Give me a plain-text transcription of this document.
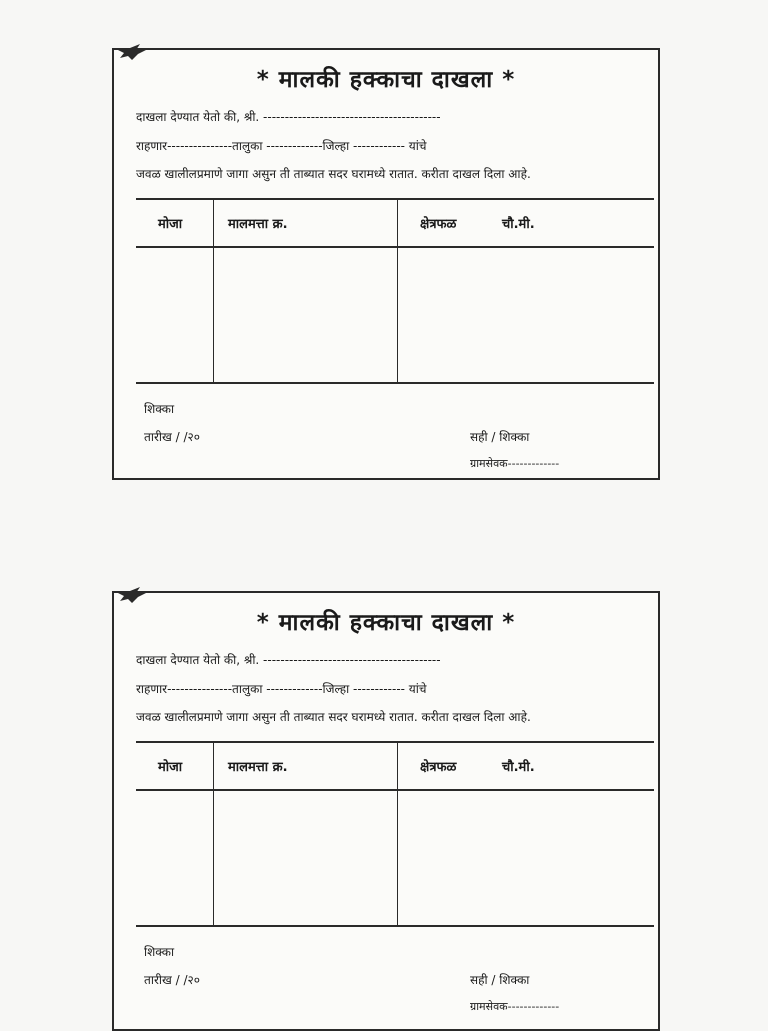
* मालकी हक्काचा दाखला *
दाखला देण्यात येतो की, श्री. -----------------------------------------
राहणार---------------तालुका -------------जिल्हा ------------ यांचे
जवळ खालीलप्रमाणे जागा असुन ती ताब्यात सदर घरामध्ये रातात. करीता दाखल दिला आहे.
मोजा	मालमत्ता क्र.	क्षेत्रफळ	चौ.मी.
शिक्का
तारीख / /२०	सही / शिक्का
ग्रामसेवक-------------
* मालकी हक्काचा दाखला *
दाखला देण्यात येतो की, श्री. -----------------------------------------
राहणार---------------तालुका -------------जिल्हा ------------ यांचे
जवळ खालीलप्रमाणे जागा असुन ती ताब्यात सदर घरामध्ये रातात. करीता दाखल दिला आहे.
मोजा	मालमत्ता क्र.	क्षेत्रफळ	चौ.मी.
शिक्का
तारीख / /२०	सही / शिक्का
ग्रामसेवक-------------
